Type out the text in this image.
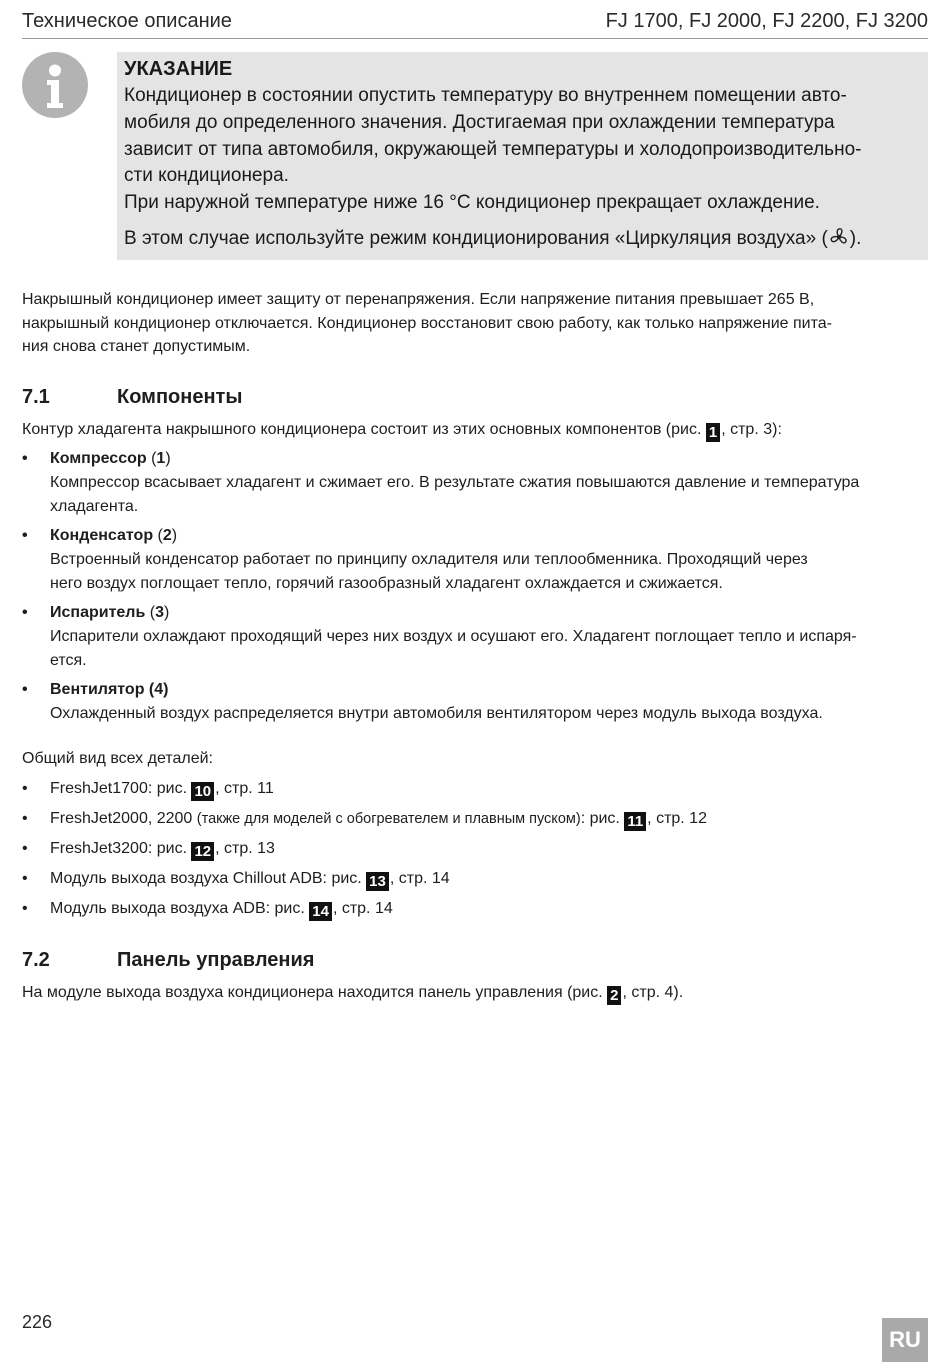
Техническое описание	FJ 1700, FJ 2000, FJ 2200, FJ 3200
УКАЗАНИЕ
Кондиционер в состоянии опустить температуру во внутреннем помещении авто-
мобиля до определенного значения. Достигаемая при охлаждении температура
зависит от типа автомобиля, окружающей температуры и холодопроизводительно-
сти кондиционера.
При наружной температуре ниже 16 °C кондиционер прекращает охлаждение.
В этом случае используйте режим кондиционирования «Циркуляция воздуха» ( ).
Накрышный кондиционер имеет защиту от перенапряжения. Если напряжение питания превышает 265 В,
накрышный кондиционер отключается. Кондиционер восстановит свою работу, как только напряжение пита-
ния снова станет допустимым.
7.1	Компоненты
Контур хладагента накрышного кондиционера состоит из этих основных компонентов (рис. 1 , стр. 3):
• Компрессор (1)
Компрессор всасывает хладагент и сжимает его. В результате сжатия повышаются давление и температура
хладагента.
• Конденсатор (2)
Встроенный конденсатор работает по принципу охладителя или теплообменника. Проходящий через
него воздух поглощает тепло, горячий газообразный хладагент охлаждается и сжижается.
• Испаритель (3)
Испарители охлаждают проходящий через них воздух и осушают его. Хладагент поглощает тепло и испаря-
ется.
• Вентилятор (4)
Охлажденный воздух распределяется внутри автомобиля вентилятором через модуль выхода воздуха.
Общий вид всех деталей:
• FreshJet1700: рис. 10 , стр. 11
• FreshJet2000, 2200 (также для моделей с обогревателем и плавным пуском): рис. 11 , стр. 12
• FreshJet3200: рис. 12 , стр. 13
• Модуль выхода воздуха Chillout ADB: рис. 13 , стр. 14
• Модуль выхода воздуха ADB: рис. 14 , стр. 14
7.2	Панель управления
На модуле выхода воздуха кондиционера находится панель управления (рис. 2 , стр. 4).
226
RU
